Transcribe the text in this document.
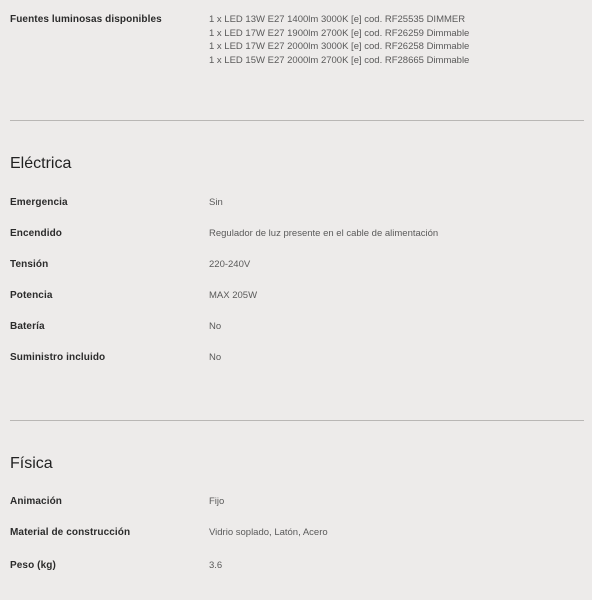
Fuentes luminosas disponibles	1 x LED 13W E27 1400lm 3000K [e] cod. RF25535 DIMMER
1 x LED 17W E27 1900lm 2700K [e] cod. RF26259 Dimmable
1 x LED 17W E27 2000lm 3000K [e] cod. RF26258 Dimmable
1 x LED 15W E27 2000lm 2700K [e] cod. RF28665 Dimmable
Eléctrica
Emergencia	Sin
Encendido	Regulador de luz presente en el cable de alimentación
Tensión	220-240V
Potencia	MAX 205W
Batería	No
Suministro incluido	No
Física
Animación	Fijo
Material de construcción	Vidrio soplado, Latón, Acero
Peso (kg)	3.6
